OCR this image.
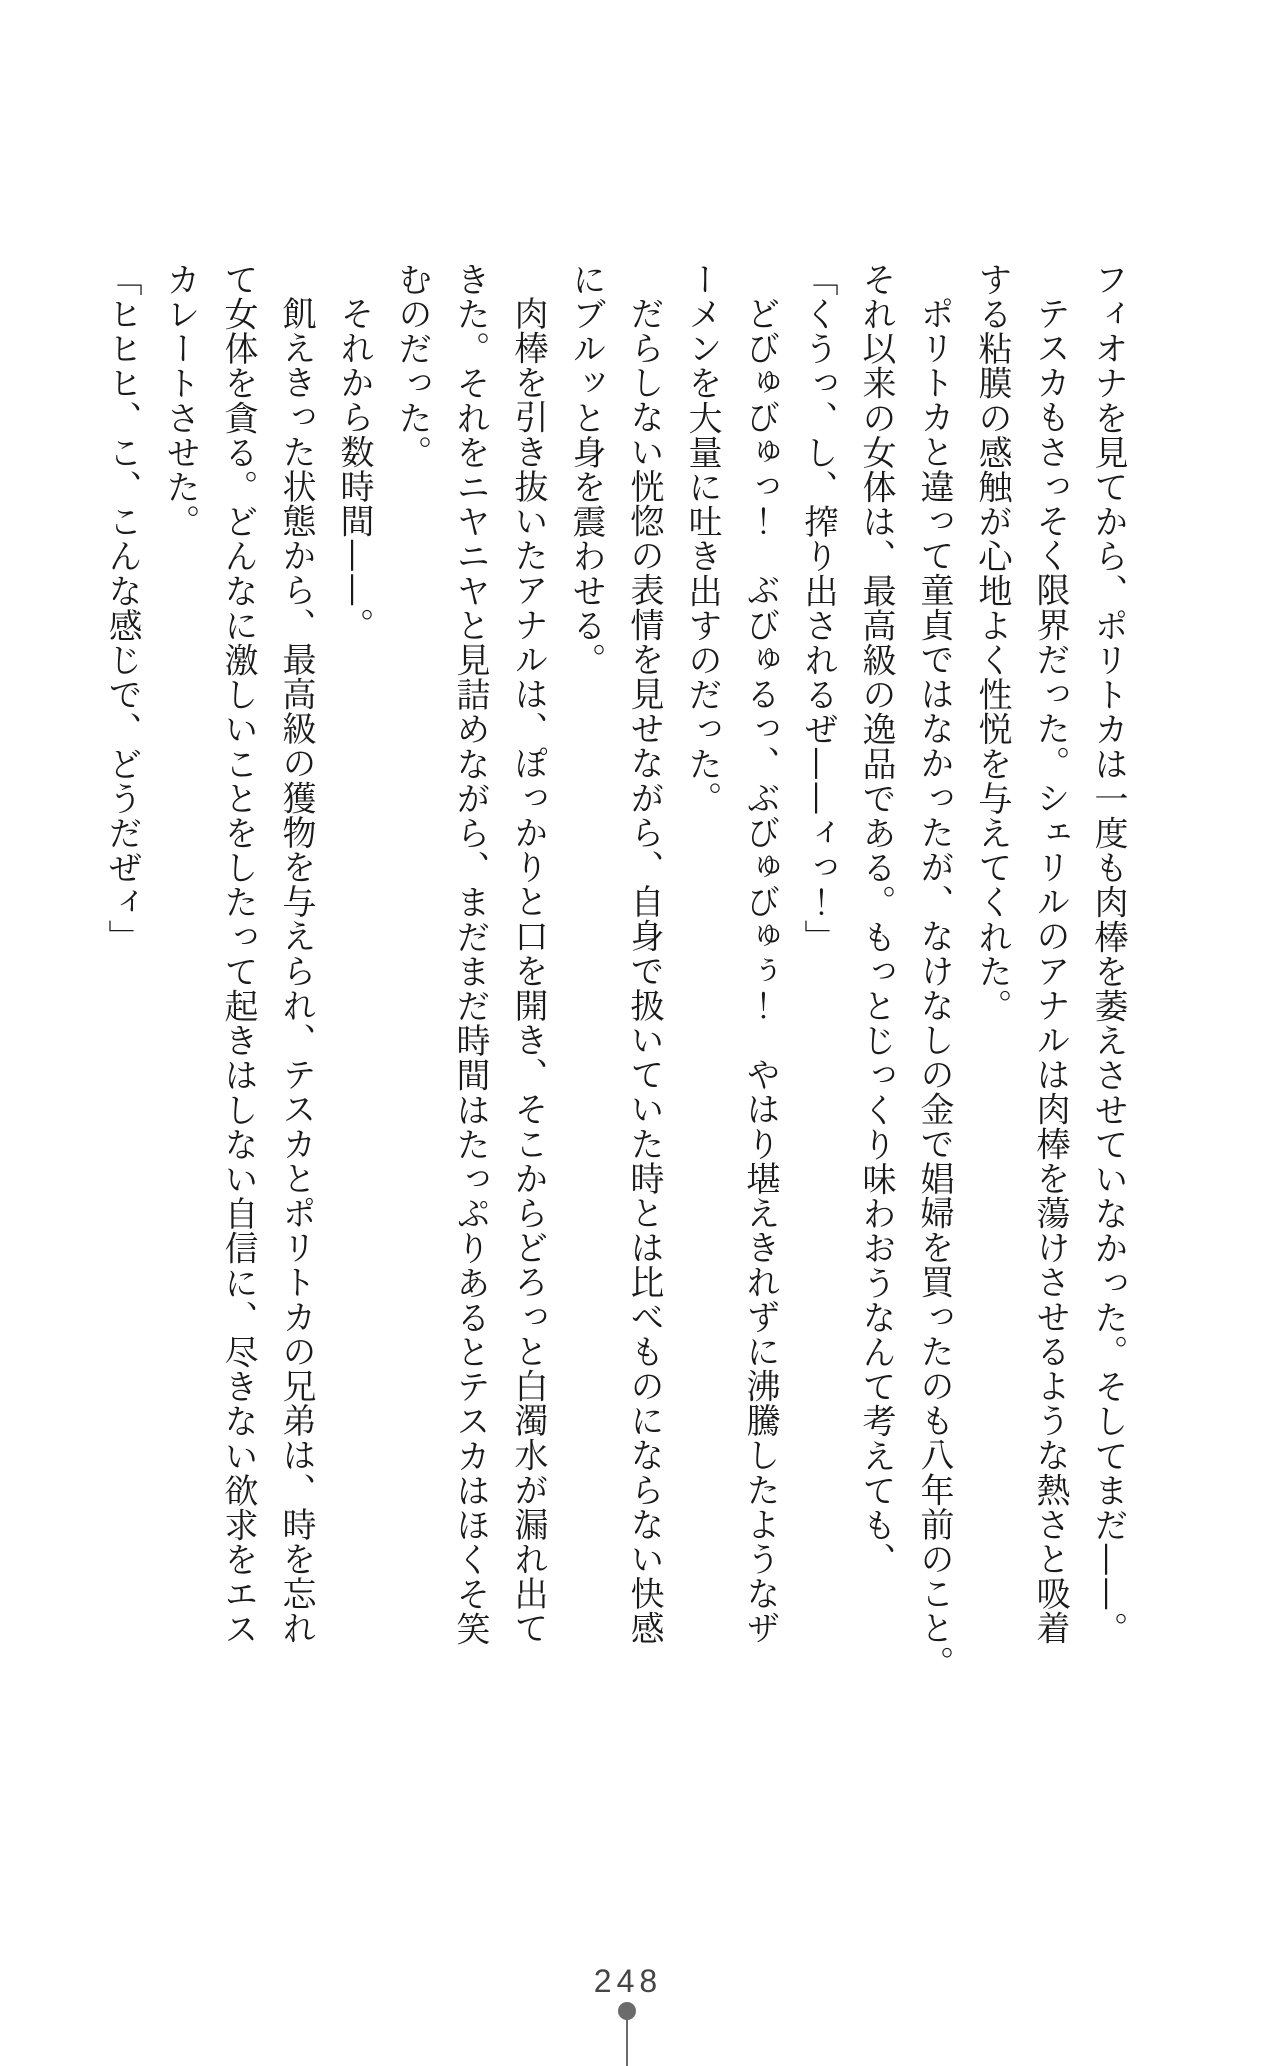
フィオナを見てから、ポリトカは一度も肉棒を萎えさせていなかった。そしてまだ——。

テスカもさっそく限界だった。シェリルのアナルは肉棒を蕩けさせるような熱さと吸着

する粘膜の感触が心地よく性悦を与えてくれた。

ポリトカと違って童貞ではなかったが、なけなしの金で娼婦を買ったのも八年前のこと。

それ以来の女体は、最高級の逸品である。もっとじっくり味わおうなんて考えても、

「くうっ、し、搾り出されるぜ——ィっ！」

どびゅびゅっ！　ぶびゅるっ、ぶびゅびゅぅ！　やはり堪えきれずに沸騰したようなザ

ーメンを大量に吐き出すのだった。

だらしない恍惚の表情を見せながら、自身で扱いていた時とは比べものにならない快感

にブルッと身を震わせる。

肉棒を引き抜いたアナルは、ぽっかりと口を開き、そこからどろっと白濁水が漏れ出て

きた。それをニヤニヤと見詰めながら、まだまだ時間はたっぷりあるとテスカはほくそ笑

むのだった。

それから数時間——。

飢えきった状態から、最高級の獲物を与えられ、テスカとポリトカの兄弟は、時を忘れ

て女体を貪る。どんなに激しいことをしたって起きはしない自信に、尽きない欲求をエス

カレートさせた。

「ヒヒヒ、こ、こんな感じで、どうだぜィ」

248
